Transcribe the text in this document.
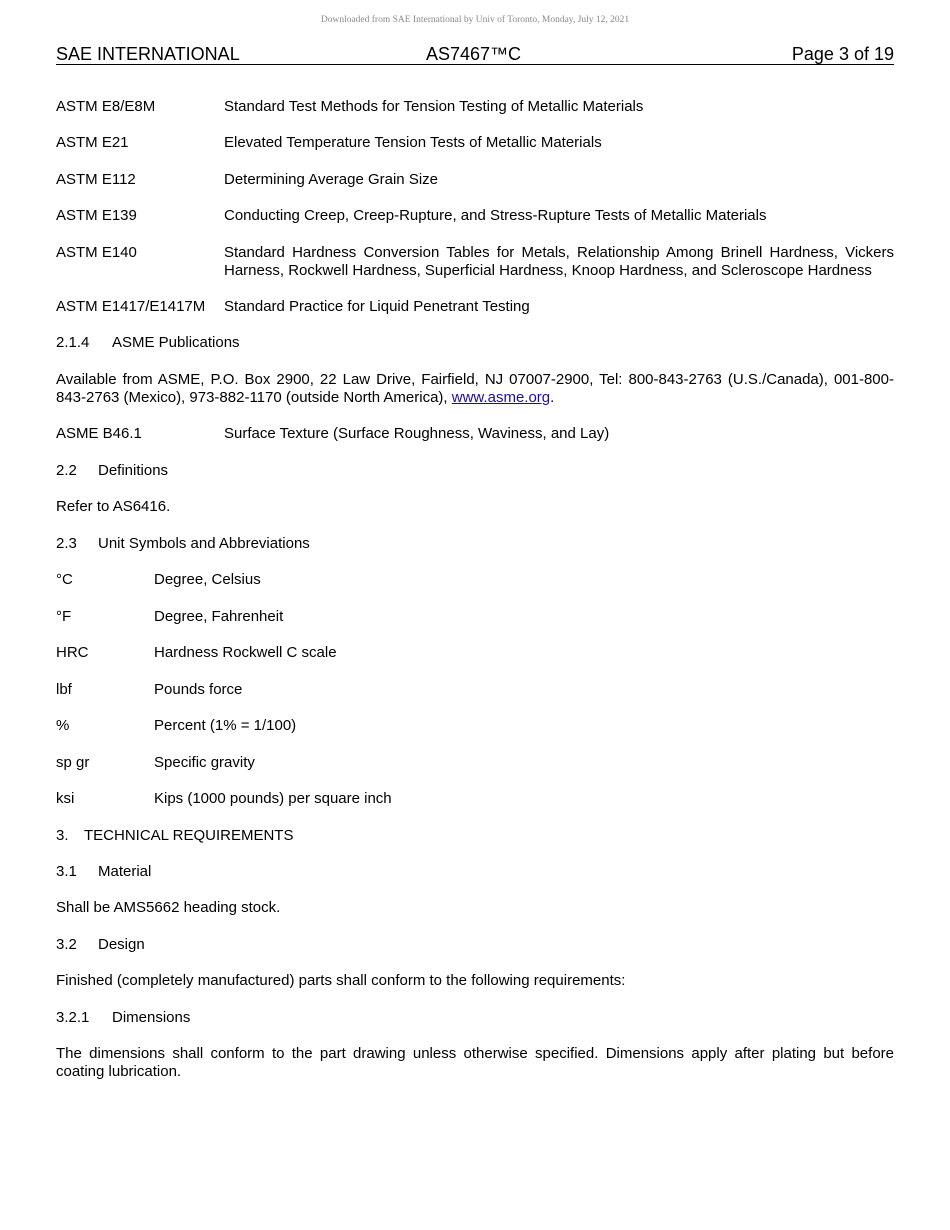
Downloaded from SAE International by Univ of Toronto, Monday, July 12, 2021
SAE INTERNATIONAL	AS7467™C	Page 3 of 19
ASTM E8/E8M	Standard Test Methods for Tension Testing of Metallic Materials
ASTM E21	Elevated Temperature Tension Tests of Metallic Materials
ASTM E112	Determining Average Grain Size
ASTM E139	Conducting Creep, Creep-Rupture, and Stress-Rupture Tests of Metallic Materials
ASTM E140	Standard Hardness Conversion Tables for Metals, Relationship Among Brinell Hardness, Vickers Harness, Rockwell Hardness, Superficial Hardness, Knoop Hardness, and Scleroscope Hardness
ASTM E1417/E1417M Standard Practice for Liquid Penetrant Testing
2.1.4 ASME Publications
Available from ASME, P.O. Box 2900, 22 Law Drive, Fairfield, NJ 07007-2900, Tel: 800-843-2763 (U.S./Canada), 001-800-843-2763 (Mexico), 973-882-1170 (outside North America), www.asme.org.
ASME B46.1	Surface Texture (Surface Roughness, Waviness, and Lay)
2.2 Definitions
Refer to AS6416.
2.3 Unit Symbols and Abbreviations
°C	Degree, Celsius
°F	Degree, Fahrenheit
HRC	Hardness Rockwell C scale
lbf	Pounds force
%	Percent (1% = 1/100)
sp gr	Specific gravity
ksi	Kips (1000 pounds) per square inch
3. TECHNICAL REQUIREMENTS
3.1 Material
Shall be AMS5662 heading stock.
3.2 Design
Finished (completely manufactured) parts shall conform to the following requirements:
3.2.1 Dimensions
The dimensions shall conform to the part drawing unless otherwise specified. Dimensions apply after plating but before coating lubrication.
